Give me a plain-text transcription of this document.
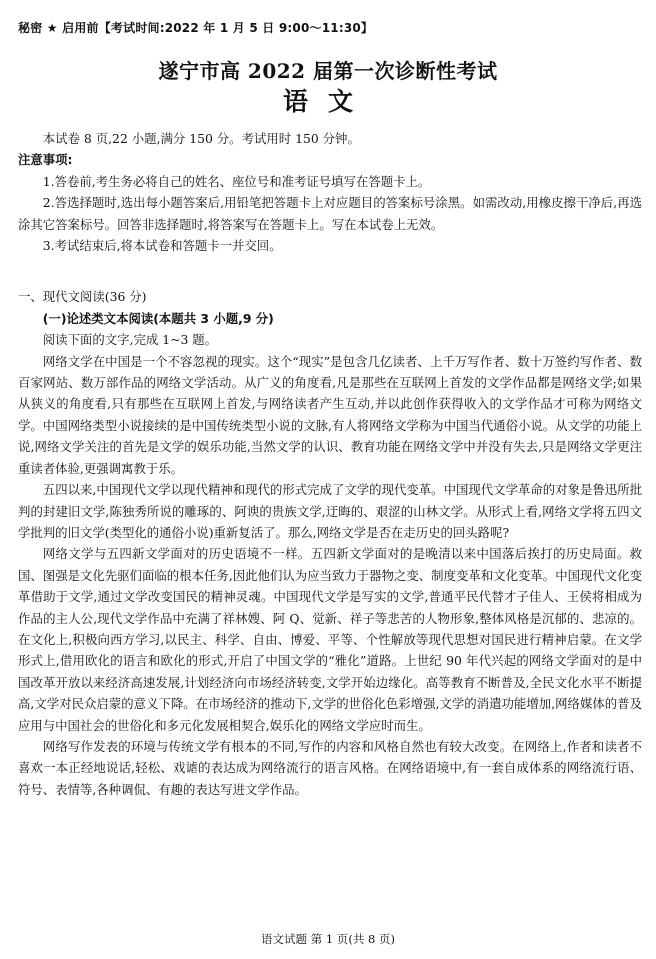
秘密 ★ 启用前【考试时间:2022 年 1 月 5 日 9:00～11:30】
遂宁市高 2022 届第一次诊断性考试
语文

本试卷 8 页,22 小题,满分 150 分。考试用时 150 分钟。

注意事项:

1.答卷前,考生务必将自己的姓名、座位号和准考证号填写在答题卡上。

2.答选择题时,选出每小题答案后,用铅笔把答题卡上对应题目的答案标号涂黑。如需改动,用橡皮擦干净后,再选涂其它答案标号。回答非选择题时,将答案写在答题卡上。写在本试卷上无效。

3.考试结束后,将本试卷和答题卡一并交回。

一、现代文阅读(36 分)

(一)论述类文本阅读(本题共 3 小题,9 分)

阅读下面的文字,完成 1~3 题。

网络文学在中国是一个不容忽视的现实。这个“现实”是包含几亿读者、上千万写作者、数十万签约写作者、数百家网站、数万部作品的网络文学活动。从广义的角度看,凡是那些在互联网上首发的文学作品都是网络文学;如果从狭义的角度看,只有那些在互联网上首发,与网络读者产生互动,并以此创作获得收入的文学作品才可称为网络文学。中国网络类型小说接续的是中国传统类型小说的文脉,有人将网络文学称为中国当代通俗小说。从文学的功能上说,网络文学关注的首先是文学的娱乐功能,当然文学的认识、教育功能在网络文学中并没有失去,只是网络文学更注重读者体验,更强调寓教于乐。

五四以来,中国现代文学以现代精神和现代的形式完成了文学的现代变革。中国现代文学革命的对象是鲁迅所批判的封建旧文学,陈独秀所说的雕琢的、阿谀的贵族文学,迂晦的、艰涩的山林文学。从形式上看,网络文学将五四文学批判的旧文学(类型化的通俗小说)重新复活了。那么,网络文学是否在走历史的回头路呢?

网络文学与五四新文学面对的历史语境不一样。五四新文学面对的是晚清以来中国落后挨打的历史局面。救国、图强是文化先驱们面临的根本任务,因此他们认为应当致力于器物之变、制度变革和文化变革。中国现代文化变革借助于文学,通过文学改变国民的精神灵魂。中国现代文学是写实的文学,普通平民代替才子佳人、王侯将相成为作品的主人公,现代文学作品中充满了祥林嫂、阿 Q、觉新、祥子等悲苦的人物形象,整体风格是沉郁的、悲凉的。在文化上,积极向西方学习,以民主、科学、自由、博爱、平等、个性解放等现代思想对国民进行精神启蒙。在文学形式上,借用欧化的语言和欧化的形式,开启了中国文学的“雅化”道路。上世纪 90 年代兴起的网络文学面对的是中国改革开放以来经济高速发展,计划经济向市场经济转变,文学开始边缘化。高等教育不断普及,全民文化水平不断提高,文学对民众启蒙的意义下降。在市场经济的推动下,文学的世俗化色彩增强,文学的消遣功能增加,网络媒体的普及应用与中国社会的世俗化和多元化发展相契合,娱乐化的网络文学应时而生。

网络写作发表的环境与传统文学有根本的不同,写作的内容和风格自然也有较大改变。在网络上,作者和读者不喜欢一本正经地说话,轻松、戏谑的表达成为网络流行的语言风格。在网络语境中,有一套自成体系的网络流行语、符号、表情等,各种调侃、有趣的表达写进文学作品。

语文试题 第 1 页(共 8 页)
